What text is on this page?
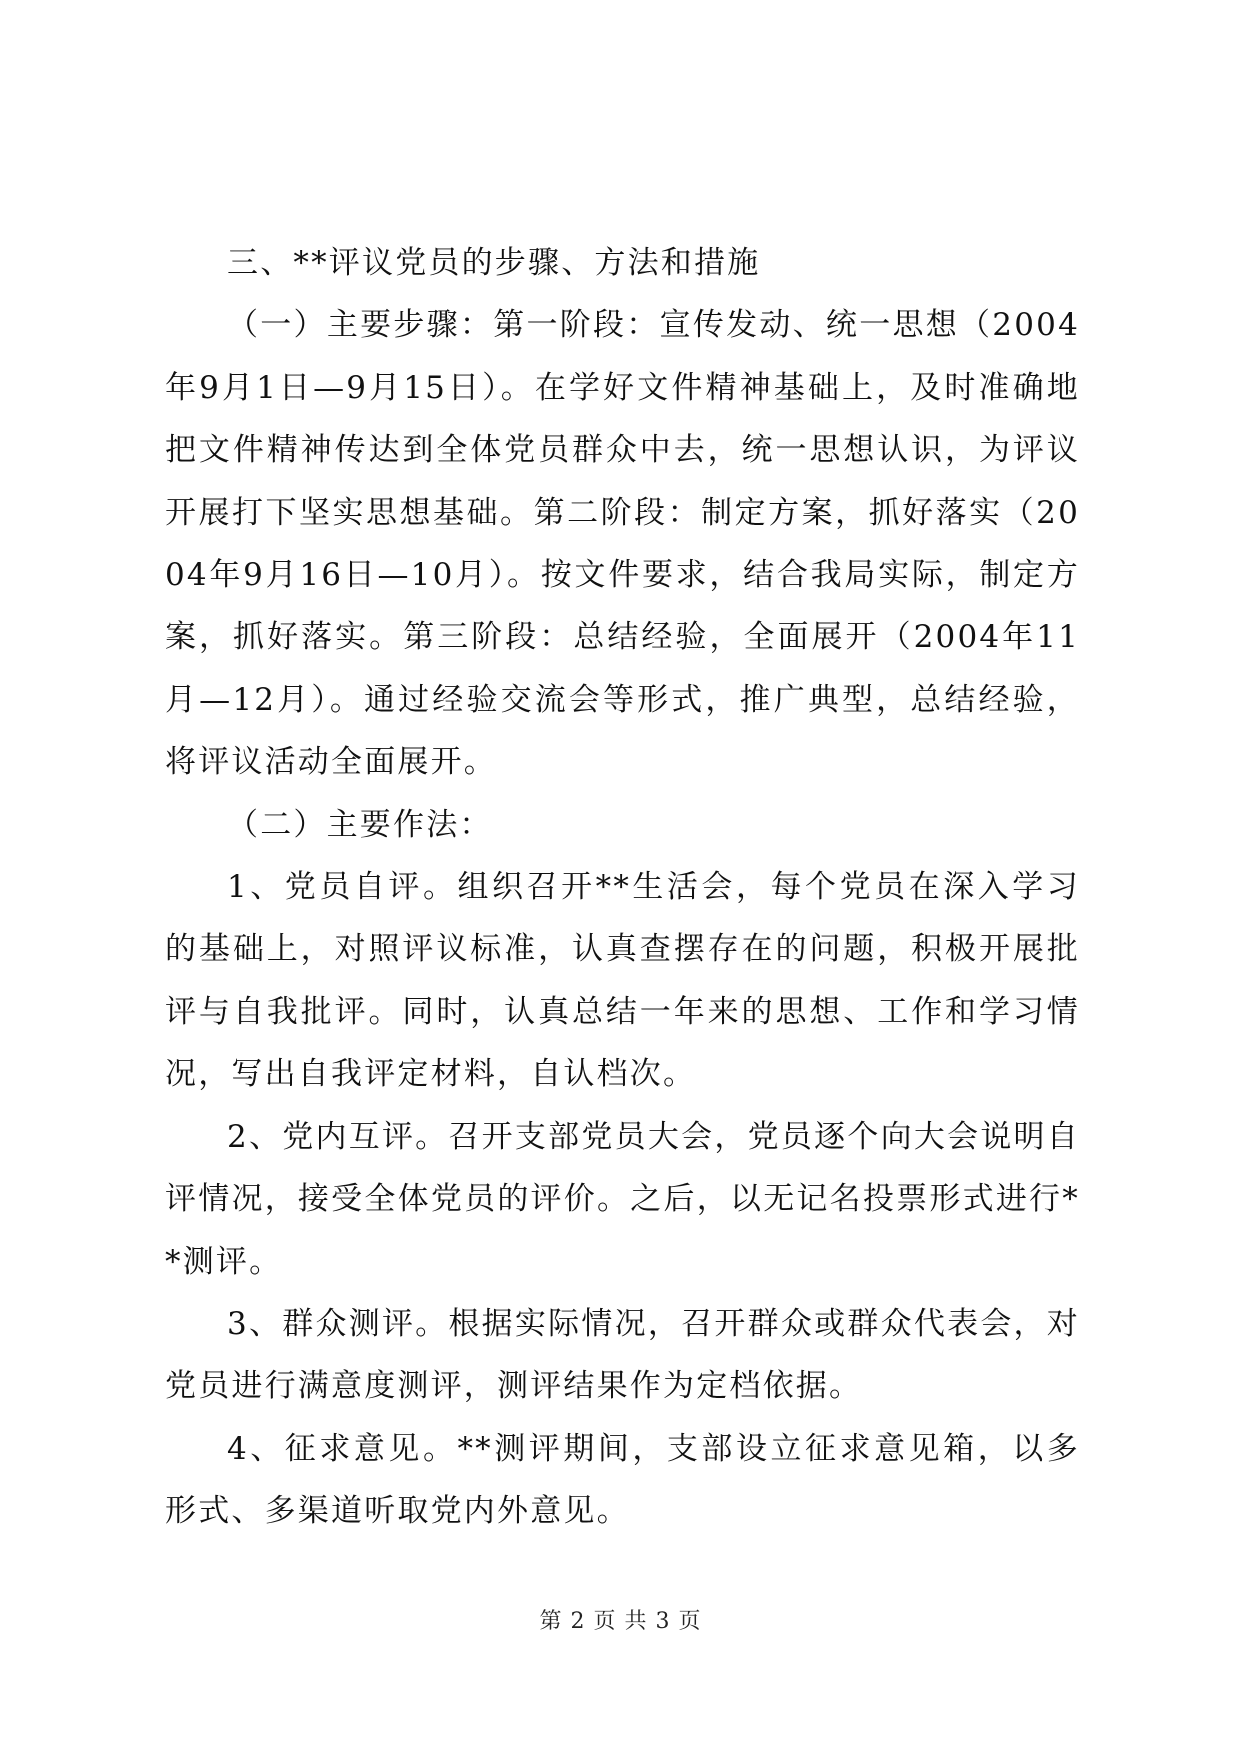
三、**评议党员的步骤、方法和措施

（一）主要步骤：第一阶段：宣传发动、统一思想（2004年9月1日—9月15日）。在学好文件精神基础上，及时准确地把文件精神传达到全体党员群众中去，统一思想认识，为评议开展打下坚实思想基础。第二阶段：制定方案，抓好落实（2004年9月16日—10月）。按文件要求，结合我局实际，制定方案，抓好落实。第三阶段：总结经验，全面展开（2004年11月—12月）。通过经验交流会等形式，推广典型，总结经验，将评议活动全面展开。

（二）主要作法：

1、党员自评。组织召开**生活会，每个党员在深入学习的基础上，对照评议标准，认真查摆存在的问题，积极开展批评与自我批评。同时，认真总结一年来的思想、工作和学习情况，写出自我评定材料，自认档次。

2、党内互评。召开支部党员大会，党员逐个向大会说明自评情况，接受全体党员的评价。之后，以无记名投票形式进行**测评。

3、群众测评。根据实际情况，召开群众或群众代表会，对党员进行满意度测评，测评结果作为定档依据。

4、征求意见。**测评期间，支部设立征求意见箱，以多形式、多渠道听取党内外意见。

第 2 页 共 3 页
